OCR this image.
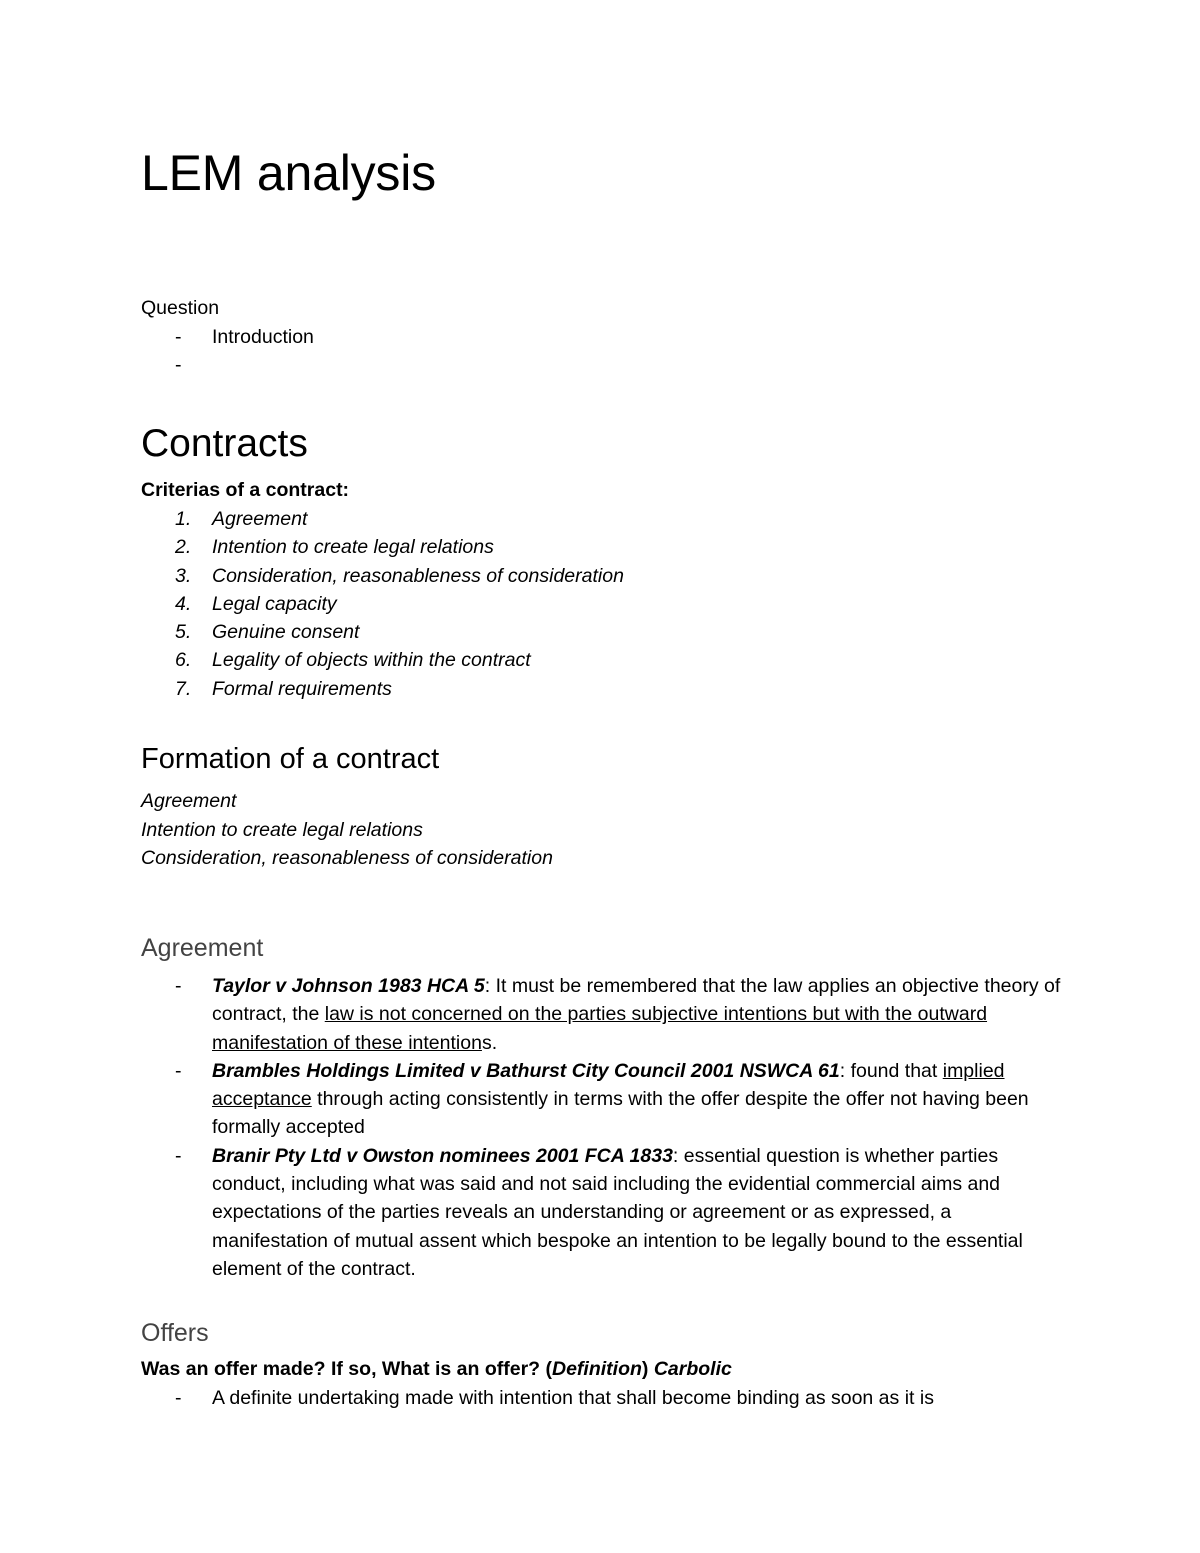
LEM analysis

Question

-	Introduction
-
Contracts

Criterias of a contract:

1.	Agreement
2.	Intention to create legal relations
3.	Consideration, reasonableness of consideration
4.	Legal capacity
5.	Genuine consent
6.	Legality of objects within the contract
7.	Formal requirements
Formation of a contract

Agreement

Intention to create legal relations

Consideration, reasonableness of consideration

Agreement
-	Taylor v Johnson 1983 HCA 5: It must be remembered that the law applies an objective theory of contract, the law is not concerned on the parties subjective intentions but with the outward manifestation of these intentions.
-	Brambles Holdings Limited v Bathurst City Council 2001 NSWCA 61: found that implied acceptance through acting consistently in terms with the offer despite the offer not having been formally accepted
-	Branir Pty Ltd v Owston nominees 2001 FCA 1833: essential question is whether parties conduct, including what was said and not said including the evidential commercial aims and expectations of the parties reveals an understanding or agreement or as expressed, a manifestation of mutual assent which bespoke an intention to be legally bound to the essential element of the contract.
Offers

Was an offer made? If so, What is an offer? (Definition) Carbolic

-	A definite undertaking made with intention that shall become binding as soon as it is
